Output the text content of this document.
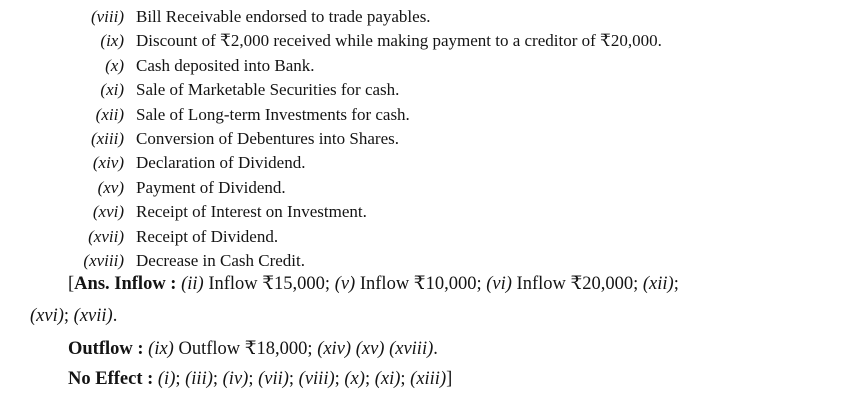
(viii) Bill Receivable endorsed to trade payables.
(ix) Discount of ₹2,000 received while making payment to a creditor of ₹20,000.
(x) Cash deposited into Bank.
(xi) Sale of Marketable Securities for cash.
(xii) Sale of Long-term Investments for cash.
(xiii) Conversion of Debentures into Shares.
(xiv) Declaration of Dividend.
(xv) Payment of Dividend.
(xvi) Receipt of Interest on Investment.
(xvii) Receipt of Dividend.
(xviii) Decrease in Cash Credit.
[Ans. Inflow : (ii) Inflow ₹15,000; (v) Inflow ₹10,000; (vi) Inflow ₹20,000; (xii);
(xvi); (xvii).
Outflow : (ix) Outflow ₹18,000; (xiv) (xv) (xviii).
No Effect : (i); (iii); (iv); (vii); (viii); (x); (xi); (xiii)]
